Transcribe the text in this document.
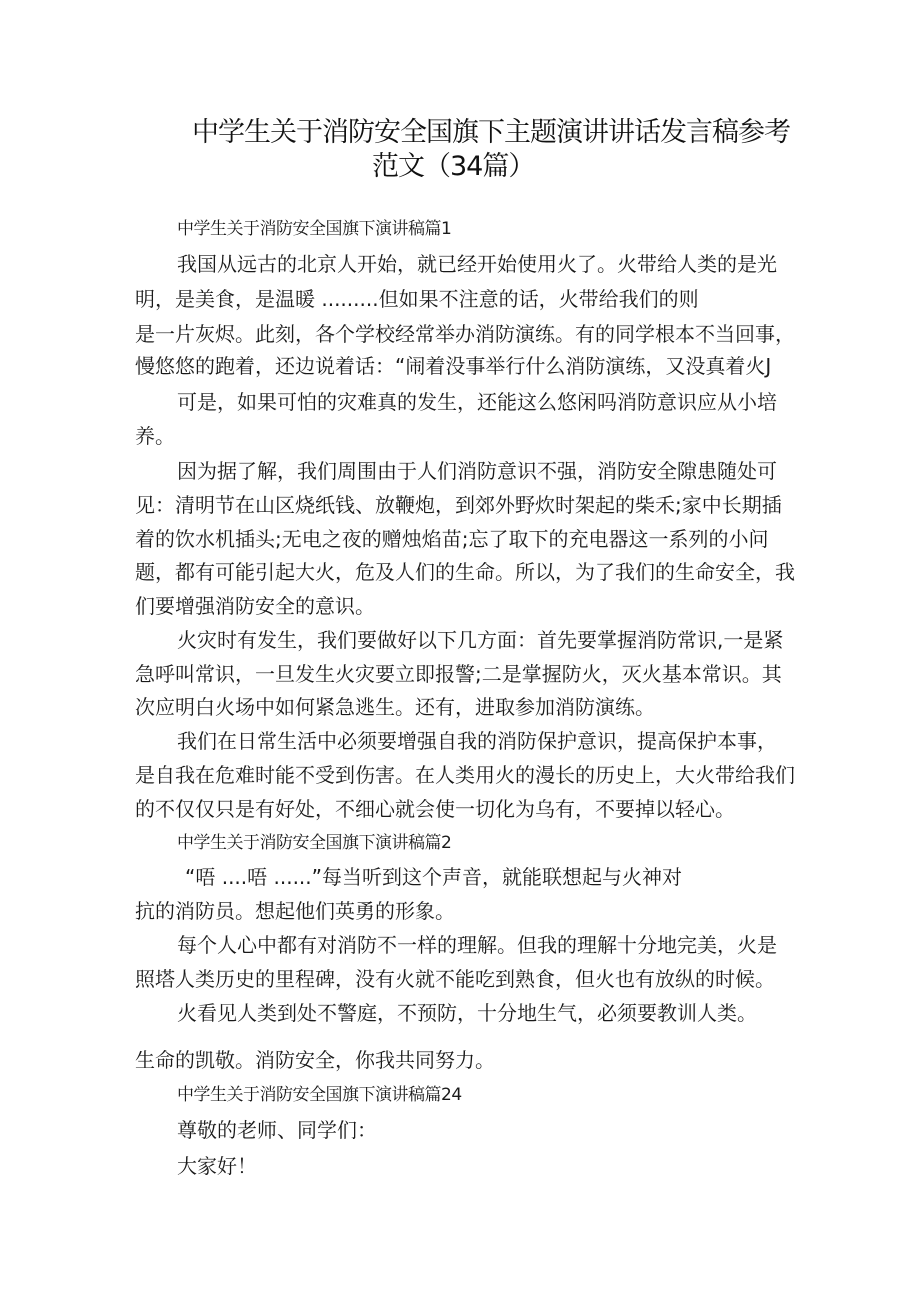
中学生关于消防安全国旗下主题演讲讲话发言稿参考
范文（34篇）
中学生关于消防安全国旗下演讲稿篇1
我国从远古的北京人开始，就已经开始使用火了。火带给人类的是光
明，是美食，是温暖 .........但如果不注意的话，火带给我们的则
是一片灰烬。此刻，各个学校经常举办消防演练。有的同学根本不当回事，
慢悠悠的跑着，还边说着话：“闹着没事举行什么消防演练，又没真着火J
可是，如果可怕的灾难真的发生，还能这么悠闲吗消防意识应从小培
养。
因为据了解，我们周围由于人们消防意识不强，消防安全隙患随处可
见：清明节在山区烧纸钱、放鞭炮，到郊外野炊时架起的柴禾;家中长期插
着的饮水机插头;无电之夜的赠烛焰苗;忘了取下的充电器这一系列的小问
题，都有可能引起大火，危及人们的生命。所以，为了我们的生命安全，我
们要增强消防安全的意识。
火灾时有发生，我们要做好以下几方面：首先要掌握消防常识,一是紧
急呼叫常识，一旦发生火灾要立即报警;二是掌握防火，灭火基本常识。其
次应明白火场中如何紧急逃生。还有，进取参加消防演练。
我们在日常生活中必须要增强自我的消防保护意识，提高保护本事，
是自我在危难时能不受到伤害。在人类用火的漫长的历史上，大火带给我们
的不仅仅只是有好处，不细心就会使一切化为乌有，不要掉以轻心。
中学生关于消防安全国旗下演讲稿篇2
“唔 ....唔 ......”每当听到这个声音，就能联想起与火神对
抗的消防员。想起他们英勇的形象。
每个人心中都有对消防不一样的理解。但我的理解十分地完美，火是
照塔人类历史的里程碑，没有火就不能吃到熟食，但火也有放纵的时候。
火看见人类到处不警庭，不预防，十分地生气，必须要教训人类。
生命的凯敬。消防安全，你我共同努力。
中学生关于消防安全国旗下演讲稿篇24
尊敬的老师、同学们：
大家好！
